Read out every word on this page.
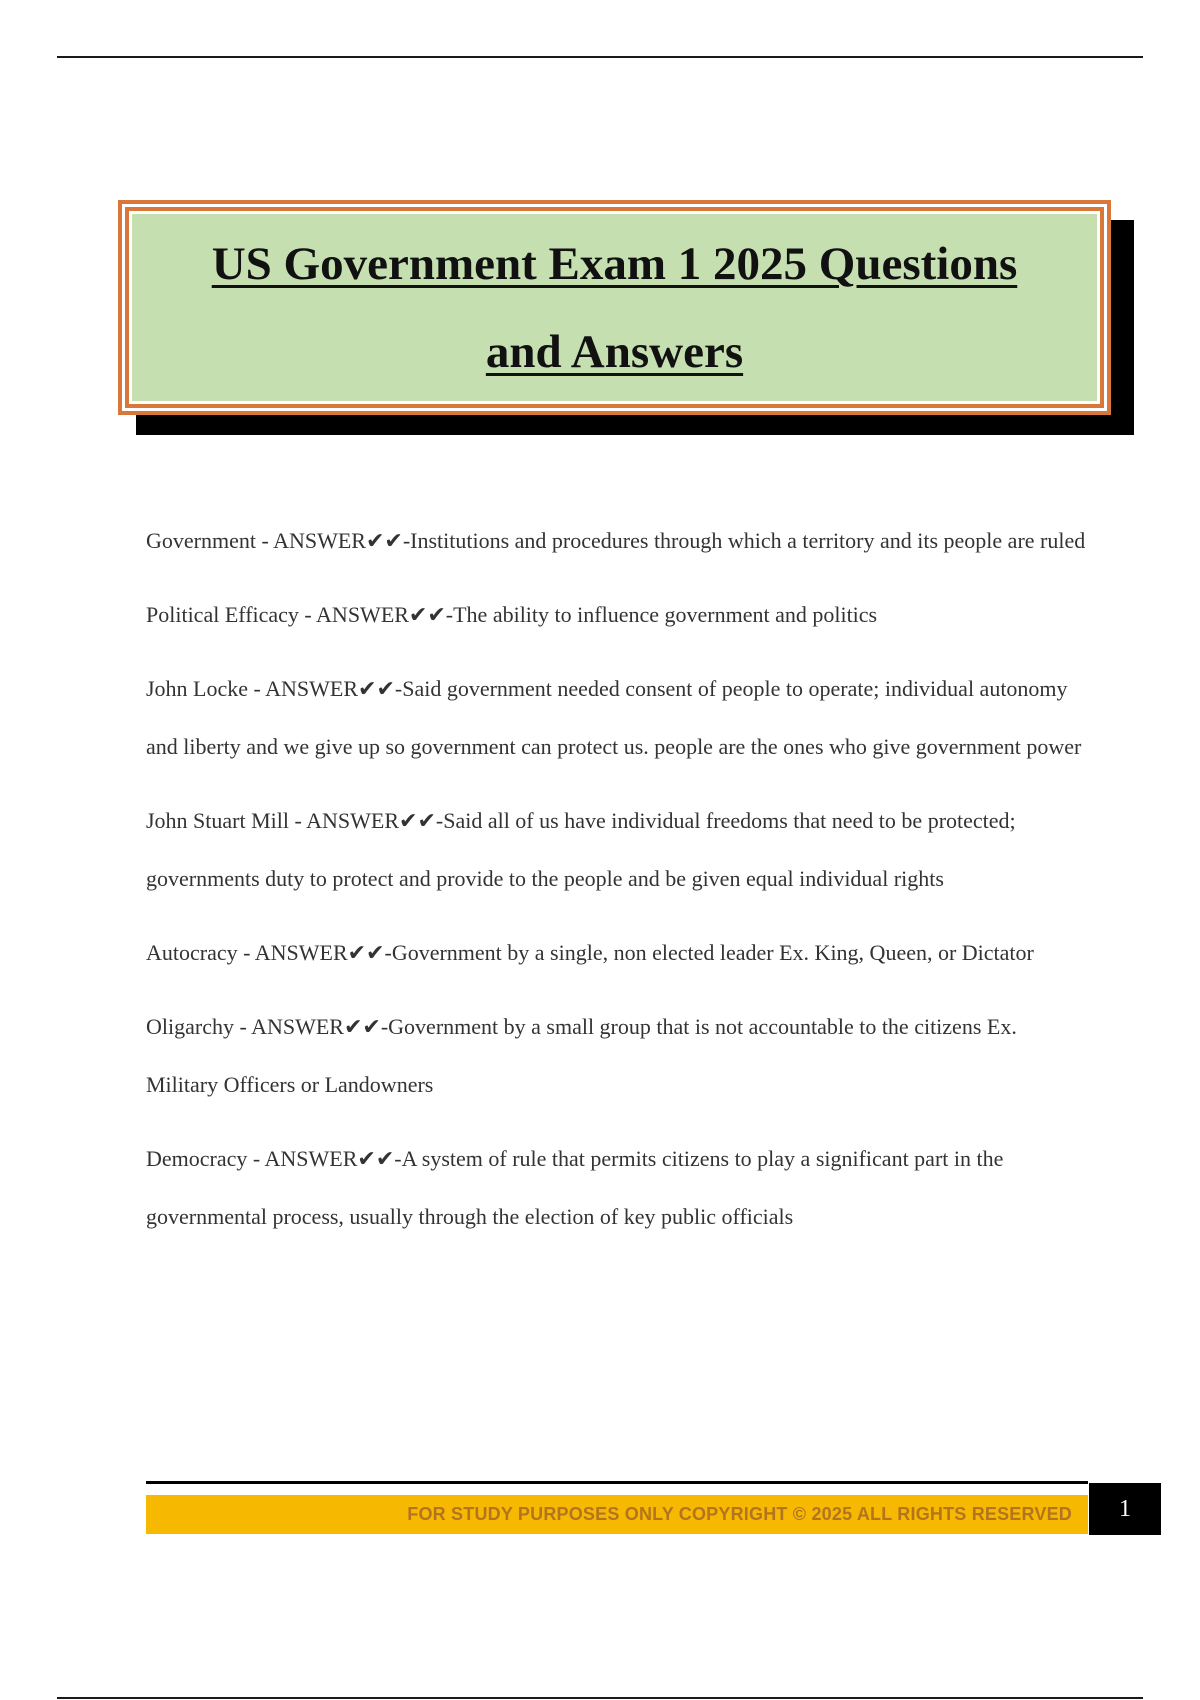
US Government Exam 1 2025 Questions

and Answers

Government - ANSWER✔✔-Institutions and procedures through which a territory and its people are ruled

Political Efficacy - ANSWER✔✔-The ability to influence government and politics

John Locke - ANSWER✔✔-Said government needed consent of people to operate; individual autonomy and liberty and we give up so government can protect us. people are the ones who give government power

John Stuart Mill - ANSWER✔✔-Said all of us have individual freedoms that need to be protected; governments duty to protect and provide to the people and be given equal individual rights

Autocracy - ANSWER✔✔-Government by a single, non elected leader Ex. King, Queen, or Dictator

Oligarchy - ANSWER✔✔-Government by a small group that is not accountable to the citizens Ex. Military Officers or Landowners

Democracy - ANSWER✔✔-A system of rule that permits citizens to play a significant part in the governmental process, usually through the election of key public officials

FOR STUDY PURPOSES ONLY COPYRIGHT © 2025 ALL RIGHTS RESERVED 1
